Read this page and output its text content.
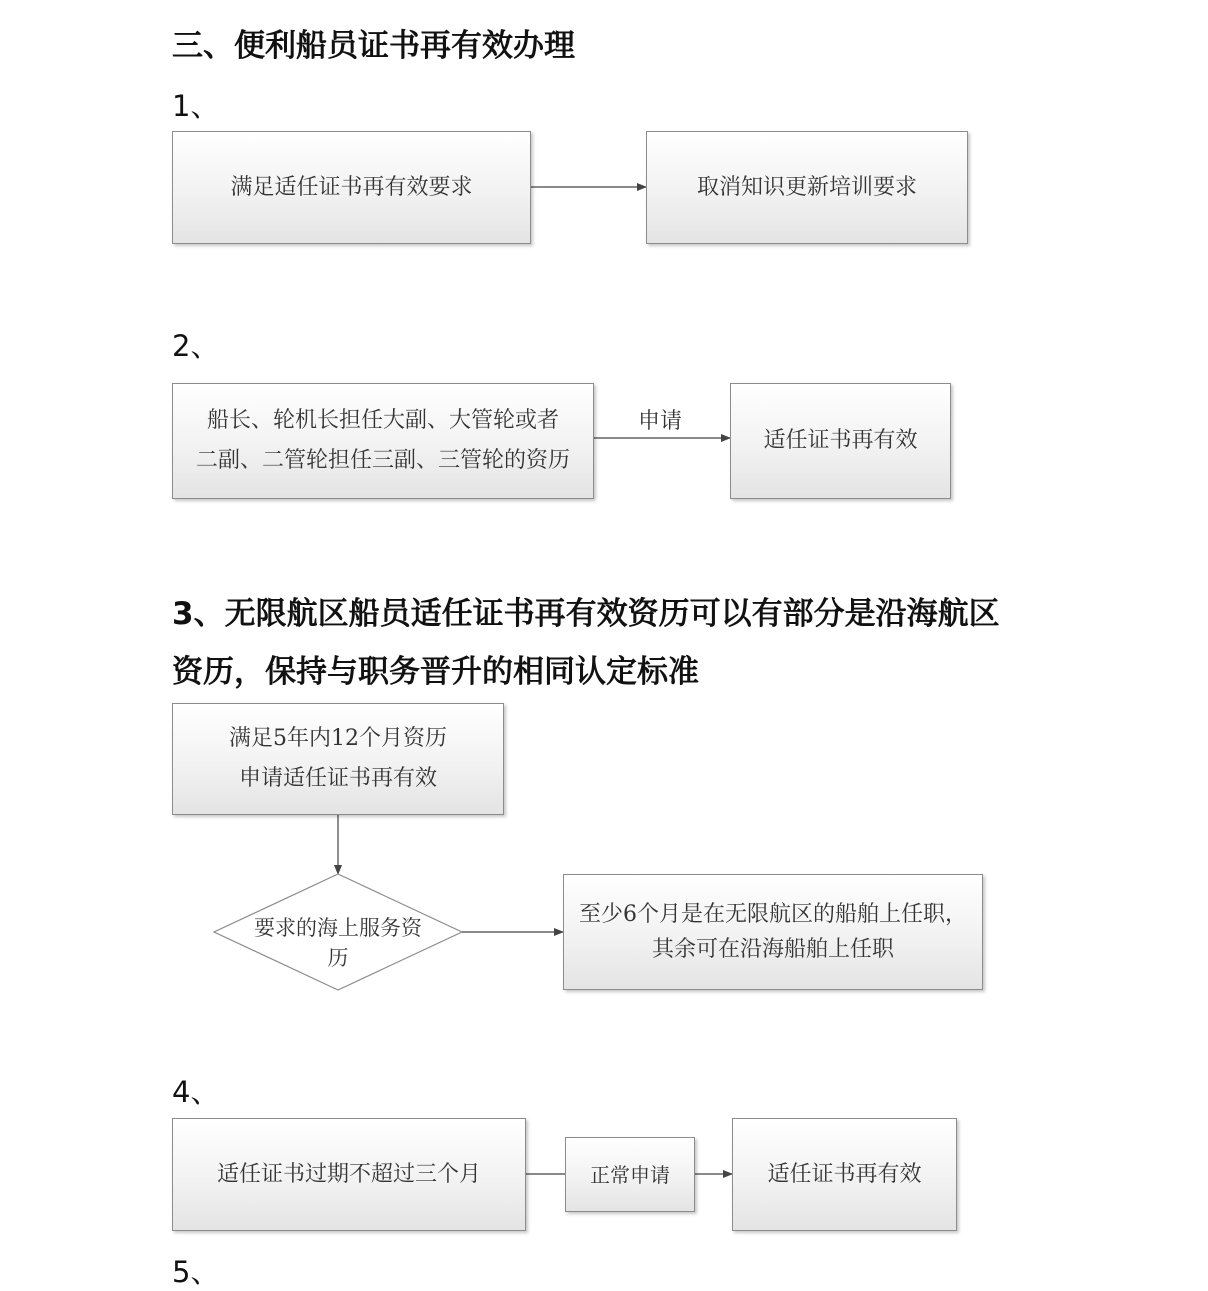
三、便利船员证书再有效办理
1、
满足适任证书再有效要求	取消知识更新培训要求
2、
船长、轮机长担任大副、大管轮或者
二副、二管轮担任三副、三管轮的资历
申请
适任证书再有效
3、无限航区船员适任证书再有效资历可以有部分是沿海航区
资历，保持与职务晋升的相同认定标准
满足5年内12个月资历
申请适任证书再有效
要求的海上服务资
历
至少6个月是在无限航区的船舶上任职，
其余可在沿海船舶上任职
4、
适任证书过期不超过三个月	正常申请	适任证书再有效
5、
